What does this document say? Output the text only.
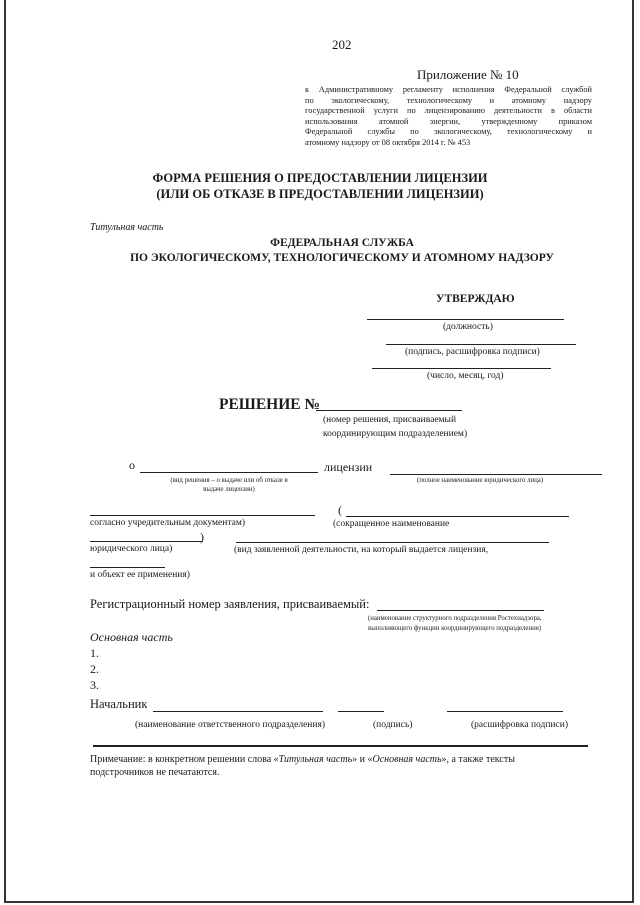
202
Приложение № 10
к Административному регламенту исполнения Федеральной службой
по экологическому, технологическому и атомному надзору
государственной услуги по лицензированию деятельности в области
использования атомной энергии, утвержденному приказом
Федеральной службы по экологическому, технологическому и
атомному надзору от 08 октября 2014 г. № 453
ФОРМА РЕШЕНИЯ О ПРЕДОСТАВЛЕНИИ ЛИЦЕНЗИИ
(ИЛИ ОБ ОТКАЗЕ В ПРЕДОСТАВЛЕНИИ ЛИЦЕНЗИИ)
Титульная часть
ФЕДЕРАЛЬНАЯ СЛУЖБА
ПО ЭКОЛОГИЧЕСКОМУ, ТЕХНОЛОГИЧЕСКОМУ И АТОМНОМУ НАДЗОРУ
УТВЕРЖДАЮ
(должность)
(подпись, расшифровка подписи)
(число, месяц, год)
РЕШЕНИЕ №
(номер решения, присваиваемый
координирующим подразделением)
о	лицензии
(вид решения – о выдаче или об отказе в
выдаче лицензии)
(полное наименование юридического лица)
(
согласно учредительным документам)	(сокращенное наименование
)
юридического лица)	(вид заявленной деятельности, на который выдается лицензия,
и объект ее применения)
Регистрационный номер заявления, присваиваемый:
(наименование структурного подразделения Ростехнадзора,
выполняющего функции координирующего подразделения)
Основная часть
1.
2.
3.
Начальник
(наименование ответственного подразделения)	(подпись)	(расшифровка подписи)
Примечание: в конкретном решении слова «Титульная часть» и «Основная часть», а также тексты
подстрочников не печатаются.
